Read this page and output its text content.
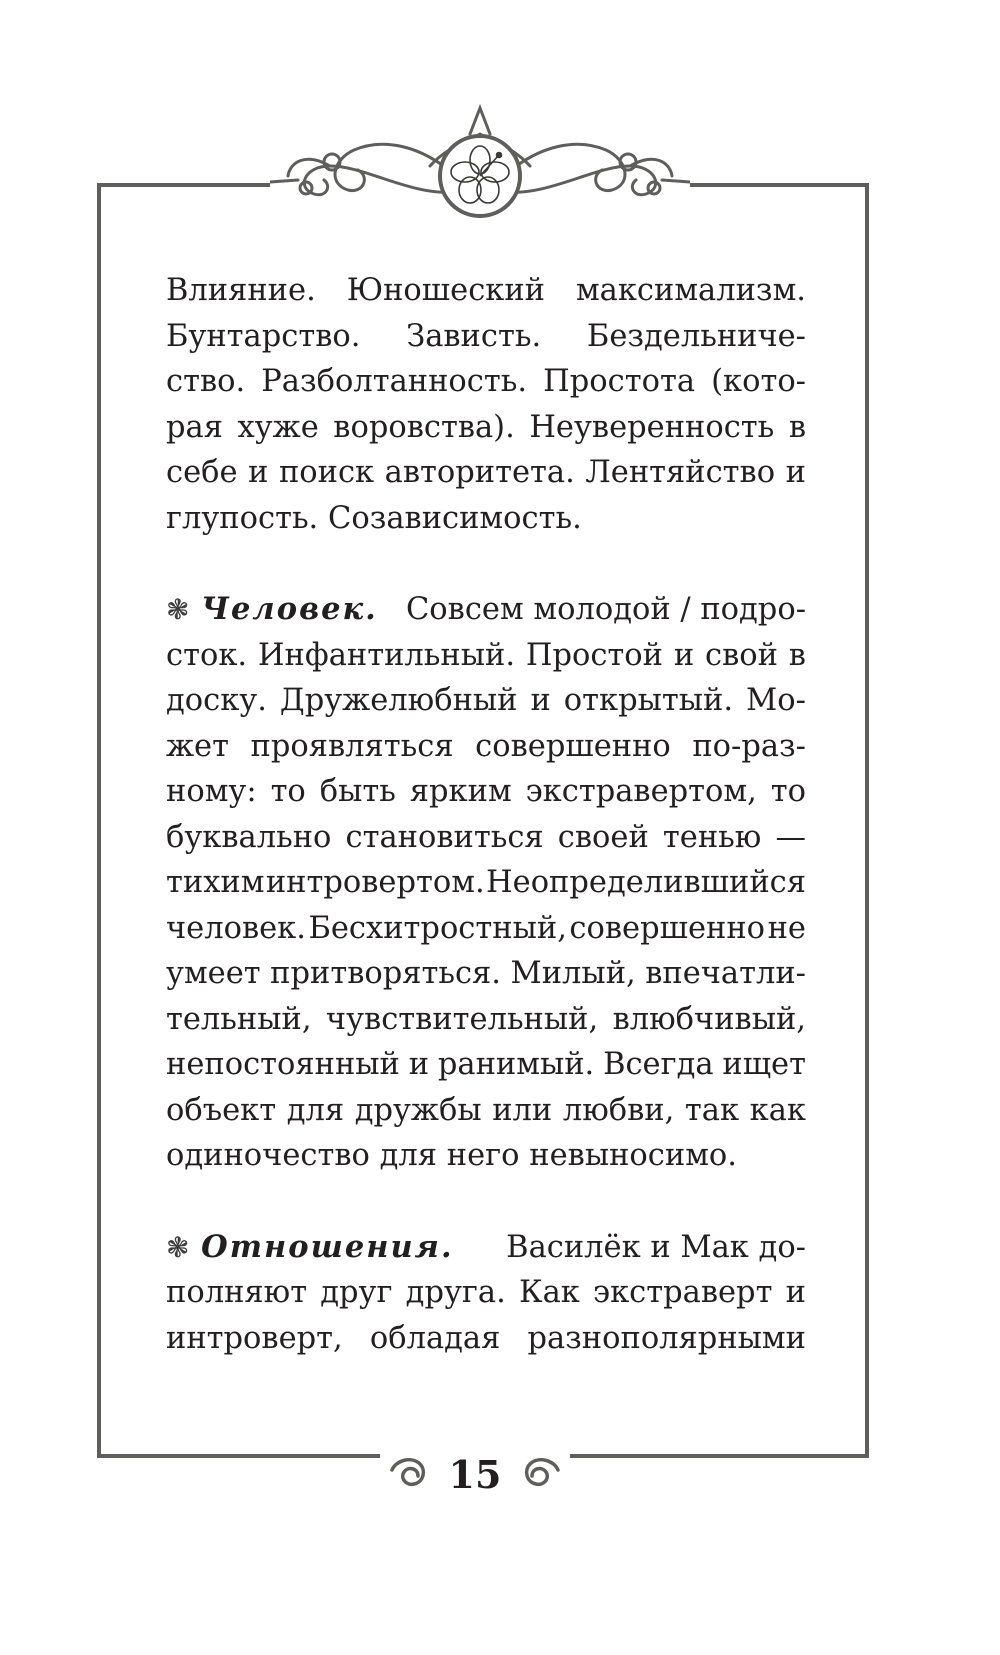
Влияние. Юношеский максимализм.
Бунтарство. Зависть. Бездельниче-
ство. Разболтанность. Простота (кото-
рая хуже воровства). Неуверенность в
себе и поиск авторитета. Лентяйство и
глупость. Созависимость.
❃ Человек. Совсем молодой / подро-
сток. Инфантильный. Простой и свой в
доску. Дружелюбный и открытый. Мо-
жет проявляться совершенно по-раз-
ному: то быть ярким экстравертом, то
буквально становиться своей тенью —
тихим интровертом. Неопределившийся
человек. Бесхитростный, совершенно не
умеет притворяться. Милый, впечатли-
тельный, чувствительный, влюбчивый,
непостоянный и ранимый. Всегда ищет
объект для дружбы или любви, так как
одиночество для него невыносимо.
❃ Отношения. Василёк и Мак до-
полняют друг друга. Как экстраверт и
интроверт, обладая разнополярными
15
